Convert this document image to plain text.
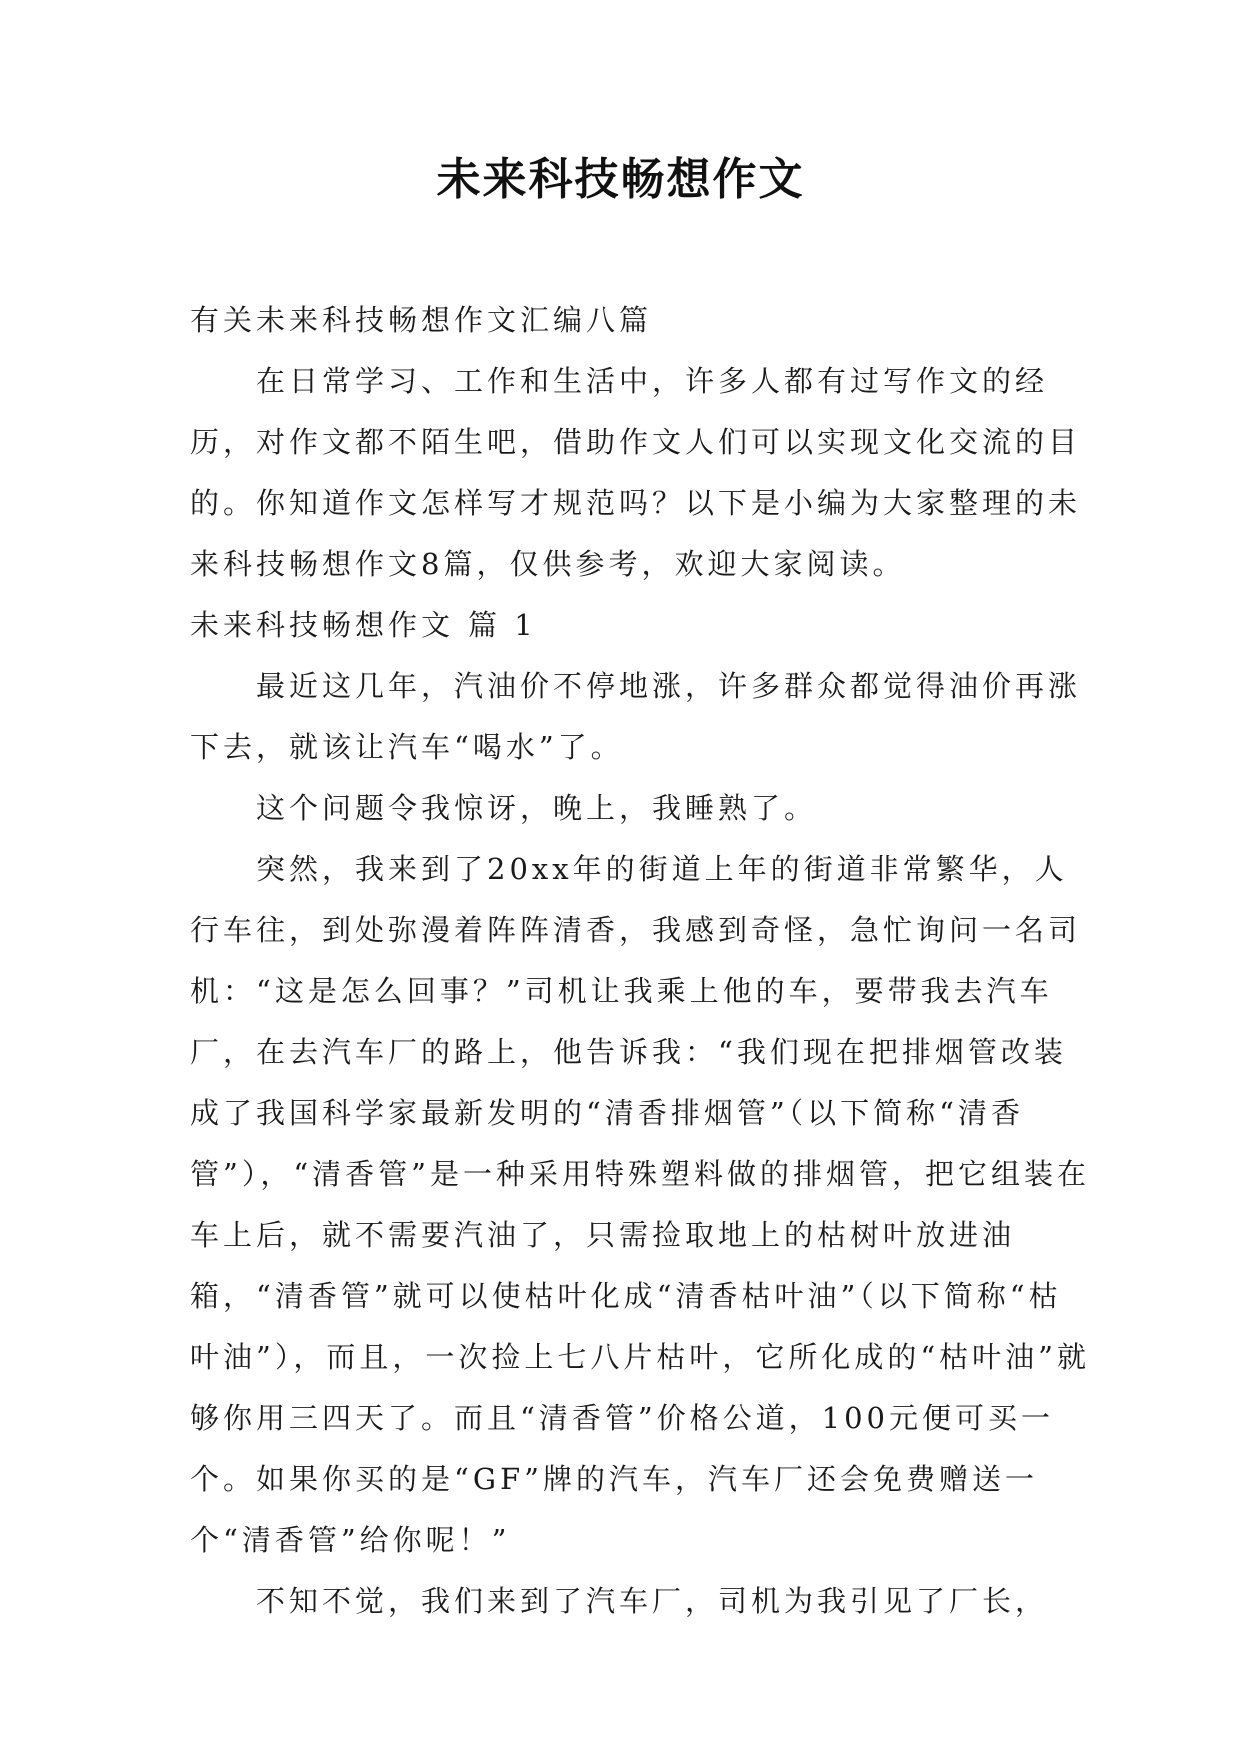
未来科技畅想作文

有关未来科技畅想作文汇编八篇

在日常学习、工作和生活中，许多人都有过写作文的经历，对作文都不陌生吧，借助作文人们可以实现文化交流的目的。你知道作文怎样写才规范吗？以下是小编为大家整理的未来科技畅想作文8篇，仅供参考，欢迎大家阅读。

未来科技畅想作文 篇 1

最近这几年，汽油价不停地涨，许多群众都觉得油价再涨下去，就该让汽车“喝水”了。

这个问题令我惊讶，晚上，我睡熟了。

突然，我来到了20xx年的街道上年的街道非常繁华，人行车往，到处弥漫着阵阵清香，我感到奇怪，急忙询问一名司机：“这是怎么回事？”司机让我乘上他的车，要带我去汽车厂，在去汽车厂的路上，他告诉我：“我们现在把排烟管改装成了我国科学家最新发明的“清香排烟管”（以下简称“清香管”），“清香管”是一种采用特殊塑料做的排烟管，把它组装在车上后，就不需要汽油了，只需捡取地上的枯树叶放进油箱，“清香管”就可以使枯叶化成“清香枯叶油”（以下简称“枯叶油”），而且，一次捡上七八片枯叶，它所化成的“枯叶油”就够你用三四天了。而且“清香管”价格公道，100元便可买一个。如果你买的是“GF”牌的汽车，汽车厂还会免费赠送一个“清香管”给你呢！”

不知不觉，我们来到了汽车厂，司机为我引见了厂长，
